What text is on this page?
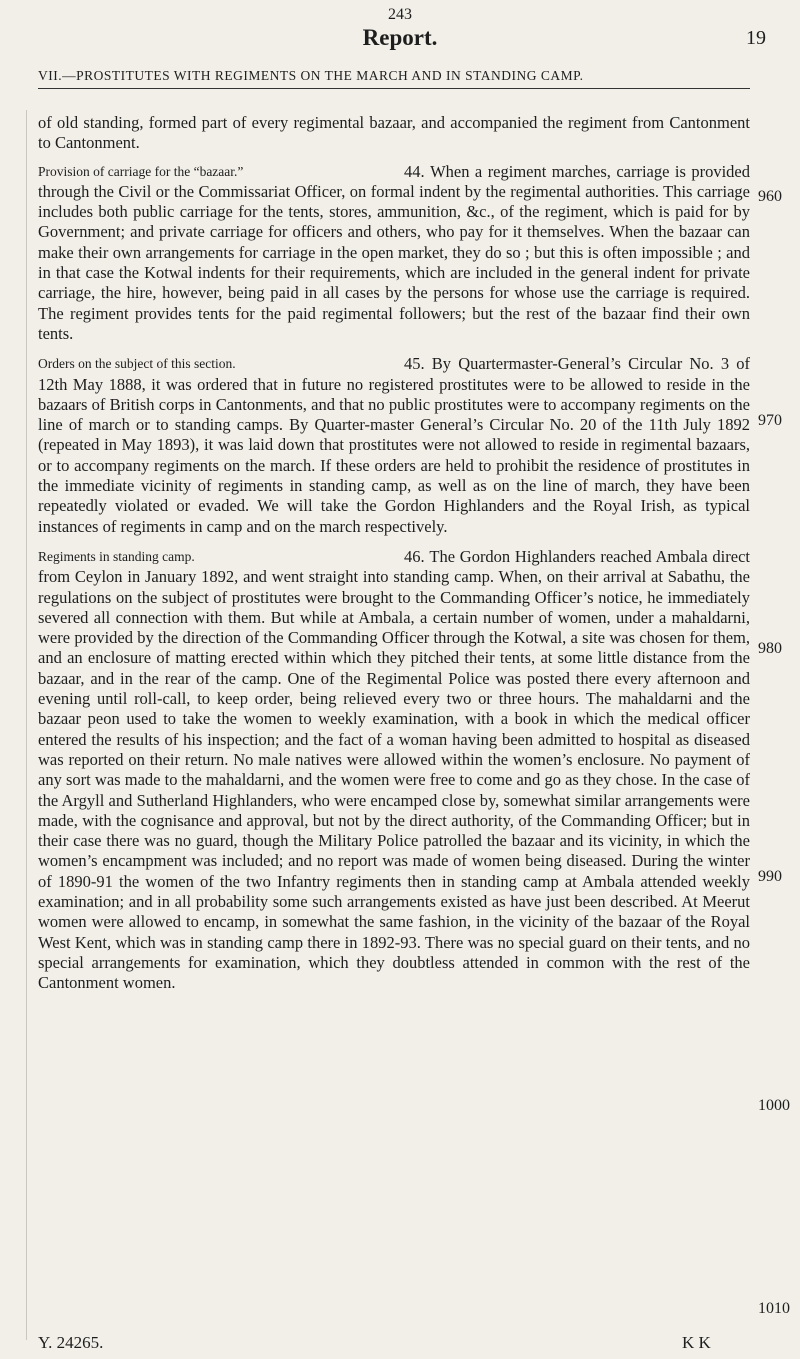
243
Report.	19
VII.—PROSTITUTES WITH REGIMENTS ON THE MARCH AND IN STANDING CAMP.

of old standing, formed part of every regimental bazaar, and accompanied the regiment from Cantonment to Cantonment.

44.
Provision of carriage for the “bazaar.”	When a regiment marches, carriage is provided through the Civil or the Commissariat Officer, on formal indent by the regimental authorities. This carriage includes both public carriage for the tents, stores, ammunition, &c., of the regiment, which is paid for by Government; and private carriage for officers and others, who pay for it themselves. When the bazaar can make their own arrangements for carriage in the open market, they do so ; but this is often impossible ; and in that case the Kotwal indents for their requirements, which are included in the general indent for private carriage, the hire, however, being paid in all cases by the persons for whose use the carriage is required. The regiment provides tents for the paid regimental followers; but the rest of the bazaar find their own tents.

45.
Orders on the subject of this section.	By Quartermaster-General’s Circular No. 3 of 12th May 1888, it was ordered that in future no registered prostitutes were to be allowed to reside in the bazaars of British corps in Cantonments, and that no public prostitutes were to accompany regiments on the line of march or to standing camps. By Quarter-master General’s Circular No. 20 of the 11th July 1892 (repeated in May 1893), it was laid down that prostitutes were not allowed to reside in regimental bazaars, or to accompany regiments on the march. If these orders are held to prohibit the residence of prostitutes in the immediate vicinity of regiments in standing camp, as well as on the line of march, they have been repeatedly violated or evaded. We will take the Gordon Highlanders and the Royal Irish, as typical instances of regiments in camp and on the march respectively.

46.
Regiments in standing camp.	The Gordon Highlanders reached Ambala direct from Ceylon in January 1892, and went straight into standing camp. When, on their arrival at Sabathu, the regulations on the subject of prostitutes were brought to the Commanding Officer’s notice, he immediately severed all connection with them. But while at Ambala, a certain number of women, under a mahaldarni, were provided by the direction of the Commanding Officer through the Kotwal, a site was chosen for them, and an enclosure of matting erected within which they pitched their tents, at some little distance from the bazaar, and in the rear of the camp. One of the Regimental Police was posted there every afternoon and evening until roll-call, to keep order, being relieved every two or three hours. The mahaldarni and the bazaar peon used to take the women to weekly examination, with a book in which the medical officer entered the results of his inspection; and the fact of a woman having been admitted to hospital as diseased was reported on their return. No male natives were allowed within the women’s enclosure. No payment of any sort was made to the mahaldarni, and the women were free to come and go as they chose. In the case of the Argyll and Sutherland Highlanders, who were encamped close by, somewhat similar arrangements were made, with the cognisance and approval, but not by the direct authority, of the Commanding Officer; but in their case there was no guard, though the Military Police patrolled the bazaar and its vicinity, in which the women’s encampment was included; and no report was made of women being diseased. During the winter of 1890-91 the women of the two Infantry regiments then in standing camp at Ambala attended weekly examination; and in all probability some such arrangements existed as have just been described. At Meerut women were allowed to encamp, in somewhat the same fashion, in the vicinity of the bazaar of the Royal West Kent, which was in standing camp there in 1892-93. There was no special guard on their tents, and no special arrangements for examination, which they doubtless attended in common with the rest of the Cantonment women.

960
970
980
990
1000
1010
Y. 24265.	K K
